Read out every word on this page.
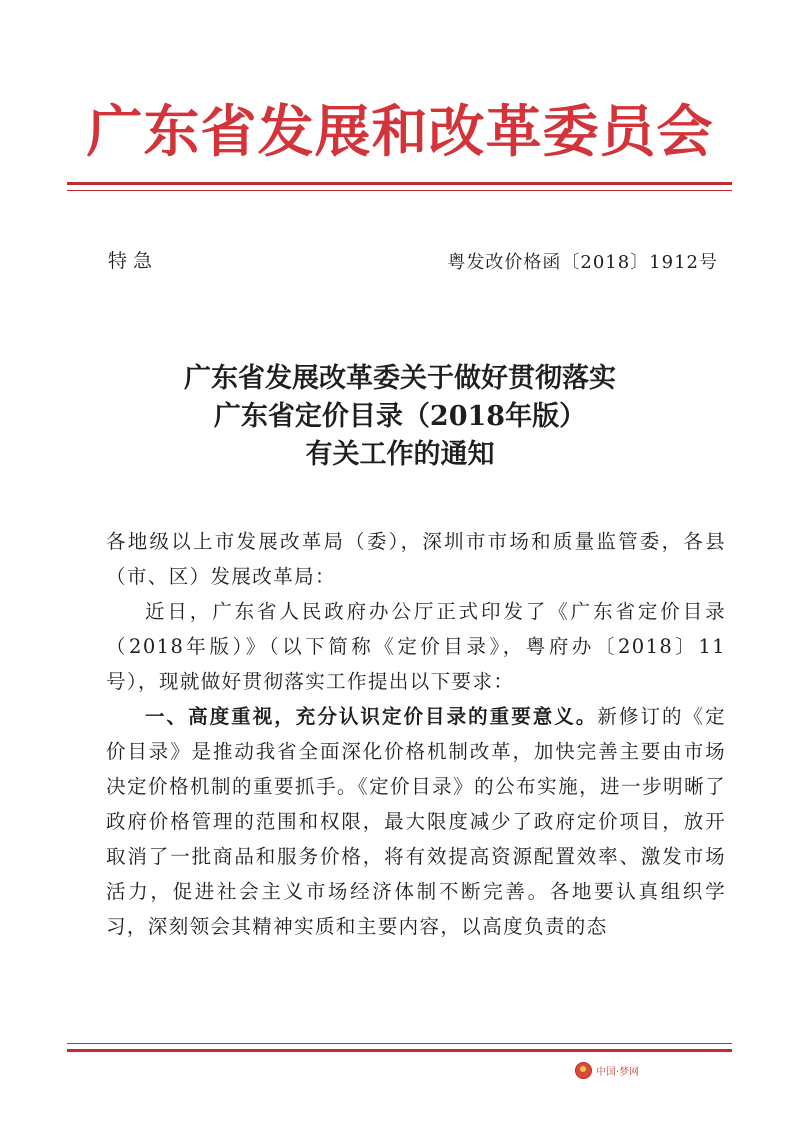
广东省发展和改革委员会
特急	粤发改价格函〔2018〕1912号
广东省发展改革委关于做好贯彻落实
广东省定价目录（2018年版）
有关工作的通知

各地级以上市发展改革局（委），深圳市市场和质量监管委，各县（市、区）发展改革局：

近日，广东省人民政府办公厅正式印发了《广东省定价目录（2018年版）》（以下简称《定价目录》，粤府办〔2018〕11号），现就做好贯彻落实工作提出以下要求：

一、高度重视，充分认识定价目录的重要意义。新修订的《定价目录》是推动我省全面深化价格机制改革，加快完善主要由市场决定价格机制的重要抓手。《定价目录》的公布实施，进一步明晰了政府价格管理的范围和权限，最大限度减少了政府定价项目，放开取消了一批商品和服务价格，将有效提高资源配置效率、激发市场活力，促进社会主义市场经济体制不断完善。各地要认真组织学习，深刻领会其精神实质和主要内容，以高度负责的态

中国·梦网
